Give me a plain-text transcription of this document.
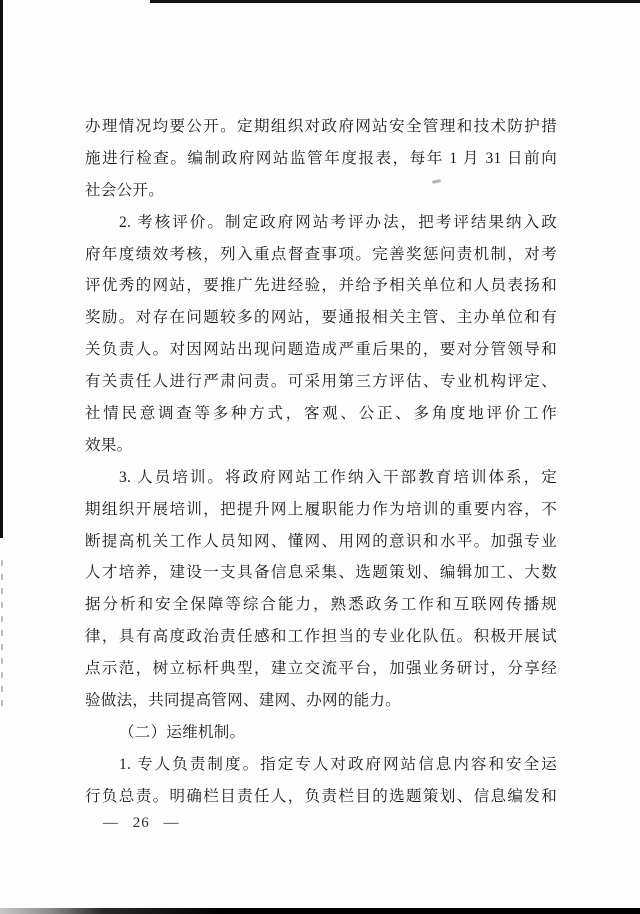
办理情况均要公开。定期组织对政府网站安全管理和技术防护措
施进行检查。编制政府网站监管年度报表，每年 1 月 31 日前向
社会公开。
2. 考核评价。制定政府网站考评办法，把考评结果纳入政
府年度绩效考核，列入重点督查事项。完善奖惩问责机制，对考
评优秀的网站，要推广先进经验，并给予相关单位和人员表扬和
奖励。对存在问题较多的网站，要通报相关主管、主办单位和有
关负责人。对因网站出现问题造成严重后果的，要对分管领导和
有关责任人进行严肃问责。可采用第三方评估、专业机构评定、
社情民意调查等多种方式，客观、公正、多角度地评价工作
效果。
3. 人员培训。将政府网站工作纳入干部教育培训体系，定
期组织开展培训，把提升网上履职能力作为培训的重要内容，不
断提高机关工作人员知网、懂网、用网的意识和水平。加强专业
人才培养，建设一支具备信息采集、选题策划、编辑加工、大数
据分析和安全保障等综合能力，熟悉政务工作和互联网传播规
律，具有高度政治责任感和工作担当的专业化队伍。积极开展试
点示范，树立标杆典型，建立交流平台，加强业务研讨，分享经
验做法，共同提高管网、建网、办网的能力。
（二）运维机制。
1. 专人负责制度。指定专人对政府网站信息内容和安全运
行负总责。明确栏目责任人，负责栏目的选题策划、信息编发和
— 26 —
